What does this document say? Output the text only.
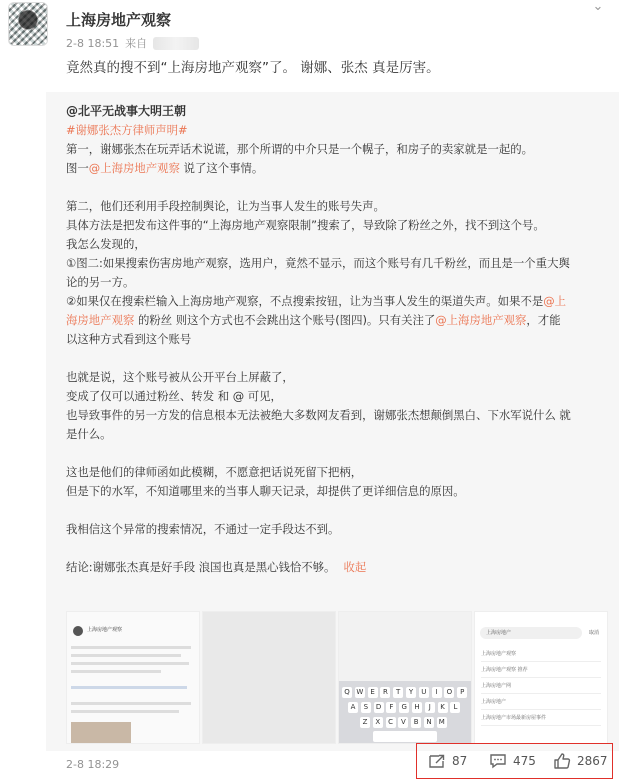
上海房地产观察
2-8 18:51 来自
⌄
竟然真的搜不到“上海房地产观察”了。 谢娜、张杰 真是厉害。

@北平无战事大明王朝

#谢娜张杰方律师声明#

第一，谢娜张杰在玩弄话术说谎，那个所谓的中介只是一个幌子，和房子的卖家就是一起的。

图一@上海房地产观察 说了这个事情。

第二，他们还利用手段控制舆论，让为当事人发生的账号失声。

具体方法是把发布这件事的“上海房地产观察限制”搜索了，导致除了粉丝之外，找不到这个号。

我怎么发现的，

①图二:如果搜索伤害房地产观察，选用户，竟然不显示，而这个账号有几千粉丝，而且是一个重大舆

论的另一方。

②如果仅在搜索栏输入上海房地产观察，不点搜索按钮，让为当事人发生的渠道失声。如果不是@上

海房地产观察 的粉丝 则这个方式也不会跳出这个账号(图四)。只有关注了@上海房地产观察，才能

以这种方式看到这个账号

也就是说，这个账号被从公开平台上屏蔽了，

变成了仅可以通过粉丝、转发 和 @ 可见，

也导致事件的另一方发的信息根本无法被绝大多数网友看到，谢娜张杰想颠倒黑白、下水军说什么 就

是什么。

这也是他们的律师函如此模糊，不愿意把话说死留下把柄，

但是下的水军，不知道哪里来的当事人聊天记录，却提供了更详细信息的原因。

我相信这个异常的搜索情况，不通过一定手段达不到。

结论:谢娜张杰真是好手段 浪国也真是黑心钱恰不够。 收起

上海房地产观察
Q W	E	R	T	Y	U	I	O	P
A	S	D	F	G	H	J	K	L
Z	X	C	V	B	N	M
上海房地产	取消
上海房地产观察
上海房地产观察 推荐
上海房地产网
上海房地产
上海房地产市场最新房屋事件
2-8 18:29	87	475	2867
